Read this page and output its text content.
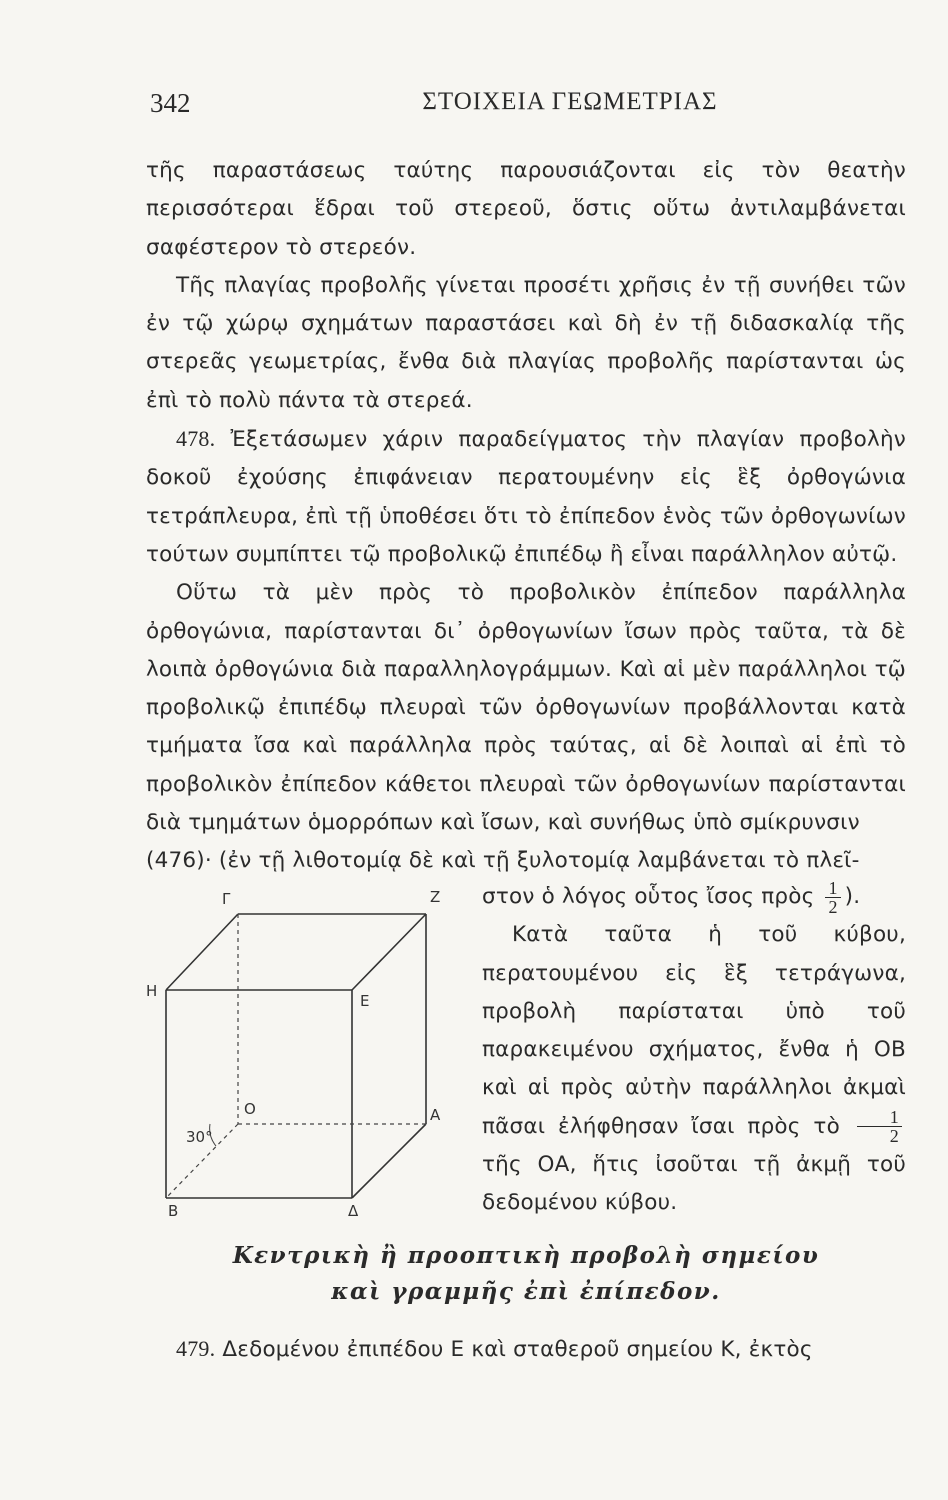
342	ΣΤΟΙΧΕΙΑ ΓΕΩΜΕΤΡΙΑΣ

τῆς παραστάσεως ταύτης παρουσιάζονται εἰς τὸν θεατὴν περισσότεραι ἕδραι τοῦ στερεοῦ, ὅστις οὕτω ἀντιλαμβάνεται σαφέστερον τὸ στερεόν.

Τῆς πλαγίας προβολῆς γίνεται προσέτι χρῆσις ἐν τῇ συνήθει τῶν ἐν τῷ χώρῳ σχημάτων παραστάσει καὶ δὴ ἐν τῇ διδασκαλίᾳ τῆς στερεᾶς γεωμετρίας, ἔνθα διὰ πλαγίας προβολῆς παρίστανται ὡς ἐπὶ τὸ πολὺ πάντα τὰ στερεά.

478. Ἐξετάσωμεν χάριν παραδείγματος τὴν πλαγίαν προβολὴν δοκοῦ ἐχούσης ἐπιφάνειαν περατουμένην εἰς ἓξ ὀρθογώνια τετράπλευρα, ἐπὶ τῇ ὑποθέσει ὅτι τὸ ἐπίπεδον ἑνὸς τῶν ὀρθογωνίων τούτων συμπίπτει τῷ προβολικῷ ἐπιπέδῳ ἢ εἶναι παράλληλον αὐτῷ.

Οὕτω τὰ μὲν πρὸς τὸ προβολικὸν ἐπίπεδον παράλληλα ὀρθογώνια, παρίστανται δι᾽ ὀρθογωνίων ἴσων πρὸς ταῦτα, τὰ δὲ λοιπὰ ὀρθογώνια διὰ παραλληλογράμμων. Καὶ αἱ μὲν παράλληλοι τῷ προβολικῷ ἐπιπέδῳ πλευραὶ τῶν ὀρθογωνίων προβάλλονται κατὰ τμήματα ἴσα καὶ παράλληλα πρὸς ταύτας, αἱ δὲ λοιπαὶ αἱ ἐπὶ τὸ προβολικὸν ἐπίπεδον κάθετοι πλευραὶ τῶν ὀρθογωνίων παρίστανται διὰ τμημάτων ὁμορρόπων καὶ ἴσων, καὶ συνήθως ὑπὸ σμίκρυνσιν

(476)· (ἐν τῇ λιθοτομίᾳ δὲ καὶ τῇ ξυλοτομίᾳ λαμβάνεται τὸ πλεῖ-

Γ	Z
H
E
O	A
B	Δ
30°

στον ὁ λόγος οὗτος ἴσος πρὸς $\frac{1}{2}$ ).

Κατὰ ταῦτα ἡ τοῦ κύβου, περατουμένου εἰς ἓξ τετράγωνα, προβολὴ παρίσταται ὑπὸ τοῦ παρακειμένου σχήματος, ἔνθα ἡ ΟΒ καὶ αἱ πρὸς αὐτὴν παράλληλοι ἀκμαὶ πᾶσαι ἐλήφθησαν ἴσαι πρὸς τὸ $\frac{1}{2}$
τῆς ΟΑ, ἥτις ἰσοῦται τῇ ἀκμῇ τοῦ δεδομένου κύβου.

Κεντρικὴ ἢ προοπτικὴ προβολὴ σημείου
καὶ γραμμῆς ἐπὶ ἐπίπεδον.

479. Δεδομένου ἐπιπέδου Ε καὶ σταθεροῦ σημείου Κ, ἐκτὸς
